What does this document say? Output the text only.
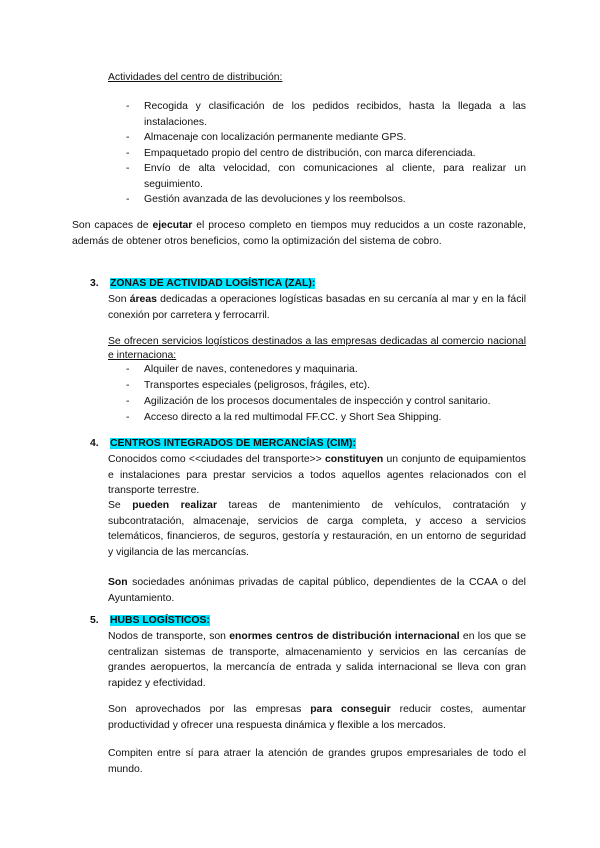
Actividades del centro de distribución:
- Recogida y clasificación de los pedidos recibidos, hasta la llegada a las instalaciones.
- Almacenaje con localización permanente mediante GPS.
- Empaquetado propio del centro de distribución, con marca diferenciada.
- Envío de alta velocidad, con comunicaciones al cliente, para realizar un seguimiento.
- Gestión avanzada de las devoluciones y los reembolsos.
Son capaces de ejecutar el proceso completo en tiempos muy reducidos a un coste razonable, además de obtener otros beneficios, como la optimización del sistema de cobro.
3. ZONAS DE ACTIVIDAD LOGÍSTICA (ZAL):
Son áreas dedicadas a operaciones logísticas basadas en su cercanía al mar y en la fácil conexión por carretera y ferrocarril.
Se ofrecen servicios logísticos destinados a las empresas dedicadas al comercio nacional e internaciona:
- Alquiler de naves, contenedores y maquinaria.
- Transportes especiales (peligrosos, frágiles, etc).
- Agilización de los procesos documentales de inspección y control sanitario.
- Acceso directo a la red multimodal FF.CC. y Short Sea Shipping.
4. CENTROS INTEGRADOS DE MERCANCÍAS (CIM):
Conocidos como <<ciudades del transporte>> constituyen un conjunto de equipamientos e instalaciones para prestar servicios a todos aquellos agentes relacionados con el transporte terrestre.
Se pueden realizar tareas de mantenimiento de vehículos, contratación y subcontratación, almacenaje, servicios de carga completa, y acceso a servicios telemáticos, financieros, de seguros, gestoría y restauración, en un entorno de seguridad y vigilancia de las mercancías.
Son sociedades anónimas privadas de capital público, dependientes de la CCAA o del Ayuntamiento.
5. HUBS LOGÍSTICOS:
Nodos de transporte, son enormes centros de distribución internacional en los que se centralizan sistemas de transporte, almacenamiento y servicios en las cercanías de grandes aeropuertos, la mercancía de entrada y salida internacional se lleva con gran rapidez y efectividad.
Son aprovechados por las empresas para conseguir reducir costes, aumentar productividad y ofrecer una respuesta dinámica y flexible a los mercados.
Compiten entre sí para atraer la atención de grandes grupos empresariales de todo el mundo.
